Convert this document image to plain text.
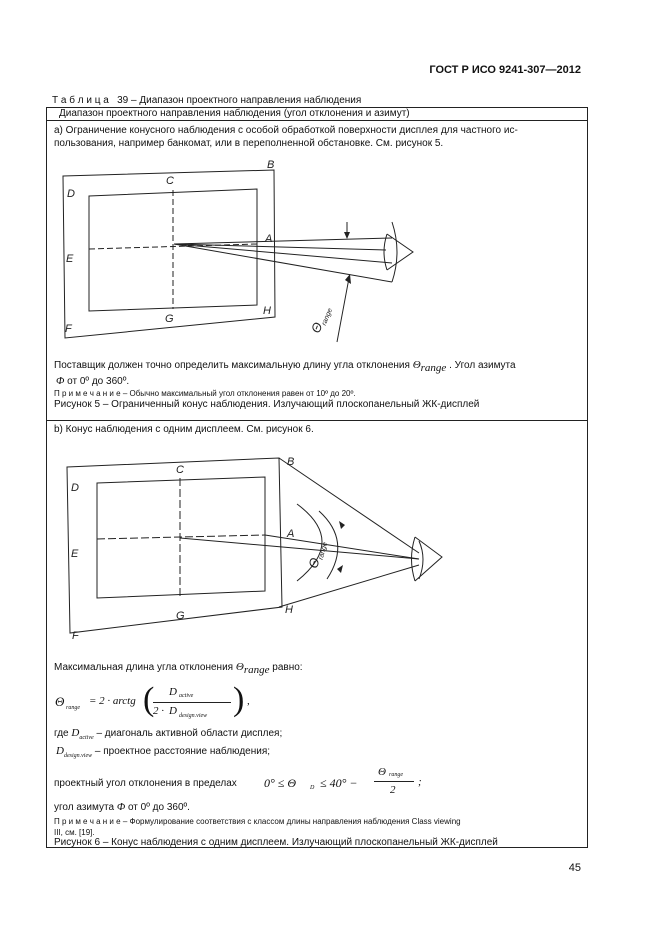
ГОСТ Р ИСО 9241-307—2012
Т а б л и ц а 39 – Диапазон проектного направления наблюдения
Диапазон проектного направления наблюдения (угол отклонения и азимут)
а) Ограничение конусного наблюдения с особой обработкой поверхности дисплея для частного ис-
пользования, например банкомат, или в переполненной обстановке. См. рисунок 5.
D
C
B
A
E
G
H
F	Θ
range
Поставщик должен точно определить максимальную длину угла отклонения $\Theta_{range}$ . Угол азимута
Φ от 0º до 360º.
П р и м е ч а н и е – Обычно максимальный угол отклонения равен от 10º до 20º.
Рисунок 5 – Ограниченный конус наблюдения. Излучающий плоскопанельный ЖК-дисплей
b) Конус наблюдения с одним дисплеем. См. рисунок 6.
D
C
B
A
E
G	H
F
Θ
range
Максимальная длина угла отклонения $\Theta_{range}$ равно:
Θ range
= 2 · arctg ( D active
2 · D design.view ) ,
где $D_{active}$ – диагональ активной области дисплея;
$D_{design.view}$ – проектное расстояние наблюдения;
проектный угол отклонения в пределах 0° ≤ Θ D ≤ 40° −
Θ range
2
;
угол азимута Φ от 0º до 360º.
П р и м е ч а н и е – Формулирование соответствия с классом длины направления наблюдения Class viewing
III, см. [19].
Рисунок 6 – Конус наблюдения с одним дисплеем. Излучающий плоскопанельный ЖК-дисплей
45
